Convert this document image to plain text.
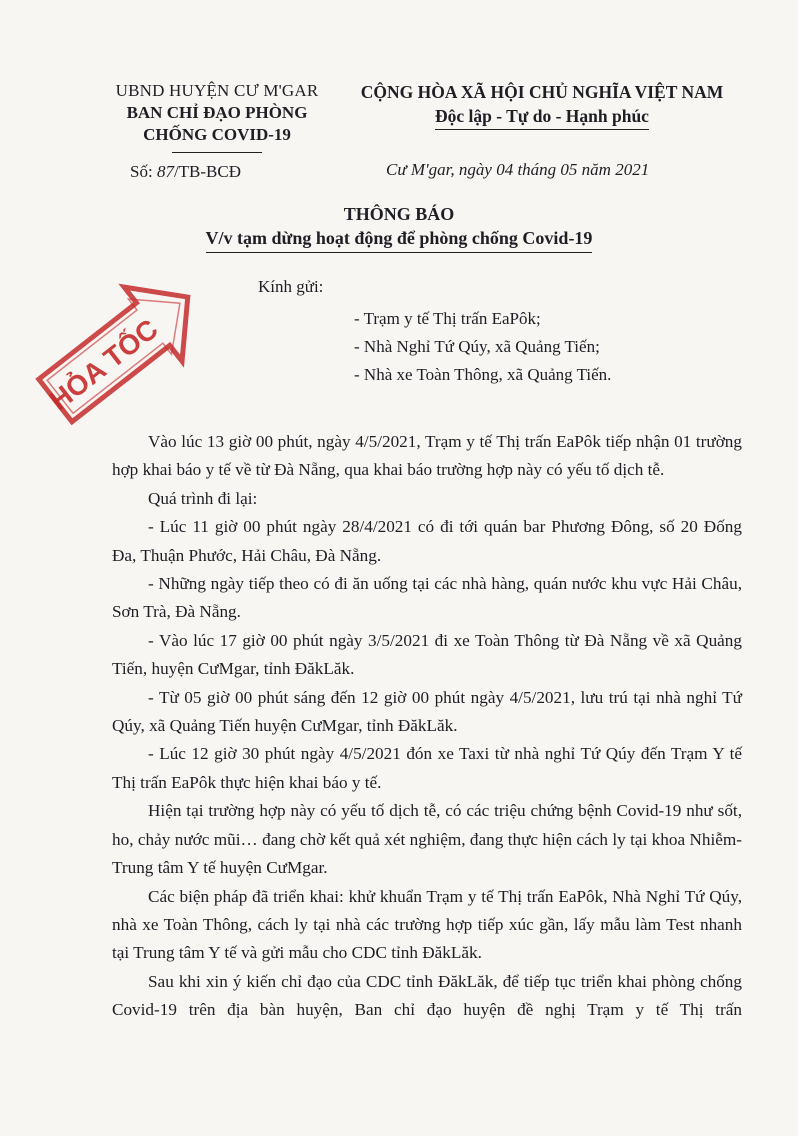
UBND HUYỆN CƯ M'GAR
BAN CHỈ ĐẠO PHÒNG
CHỐNG COVID-19
CỘNG HÒA XÃ HỘI CHỦ NGHĨA VIỆT NAM
Độc lập - Tự do - Hạnh phúc
Số: 87/TB-BCĐ	Cư M'gar, ngày 04 tháng 05 năm 2021
THÔNG BÁO
V/v tạm dừng hoạt động để phòng chống Covid-19
HỎA TỐC
Kính gửi:
- Trạm y tế Thị trấn EaPôk;
- Nhà Nghỉ Tứ Qúy, xã Quảng Tiến;
- Nhà xe Toàn Thông, xã Quảng Tiến.

Vào lúc 13 giờ 00 phút, ngày 4/5/2021, Trạm y tế Thị trấn EaPôk tiếp nhận 01 trường hợp khai báo y tế về từ Đà Nẵng, qua khai báo trường hợp này có yếu tố dịch tễ.

Quá trình đi lại:

- Lúc 11 giờ 00 phút ngày 28/4/2021 có đi tới quán bar Phương Đông, số 20 Đống Đa, Thuận Phước, Hải Châu, Đà Nẵng.

- Những ngày tiếp theo có đi ăn uống tại các nhà hàng, quán nước khu vực Hải Châu, Sơn Trà, Đà Nẵng.

- Vào lúc 17 giờ 00 phút ngày 3/5/2021 đi xe Toàn Thông từ Đà Nẵng về xã Quảng Tiến, huyện CưMgar, tỉnh ĐăkLăk.

- Từ 05 giờ 00 phút sáng đến 12 giờ 00 phút ngày 4/5/2021, lưu trú tại nhà nghỉ Tứ Qúy, xã Quảng Tiến huyện CưMgar, tỉnh ĐăkLăk.

- Lúc 12 giờ 30 phút ngày 4/5/2021 đón xe Taxi từ nhà nghỉ Tứ Qúy đến Trạm Y tế Thị trấn EaPôk thực hiện khai báo y tế.

Hiện tại trường hợp này có yếu tố dịch tễ, có các triệu chứng bệnh Covid-19 như sốt, ho, chảy nước mũi… đang chờ kết quả xét nghiệm, đang thực hiện cách ly tại khoa Nhiễm- Trung tâm Y tế huyện CưMgar.

Các biện pháp đã triển khai: khử khuẩn Trạm y tế Thị trấn EaPôk, Nhà Nghỉ Tứ Qúy, nhà xe Toàn Thông, cách ly tại nhà các trường hợp tiếp xúc gần, lấy mẫu làm Test nhanh tại Trung tâm Y tế và gửi mẫu cho CDC tỉnh ĐăkLăk.

Sau khi xin ý kiến chỉ đạo của CDC tỉnh ĐăkLăk, để tiếp tục triển khai phòng chống Covid-19 trên địa bàn huyện, Ban chỉ đạo huyện đề nghị Trạm y tế Thị trấn
